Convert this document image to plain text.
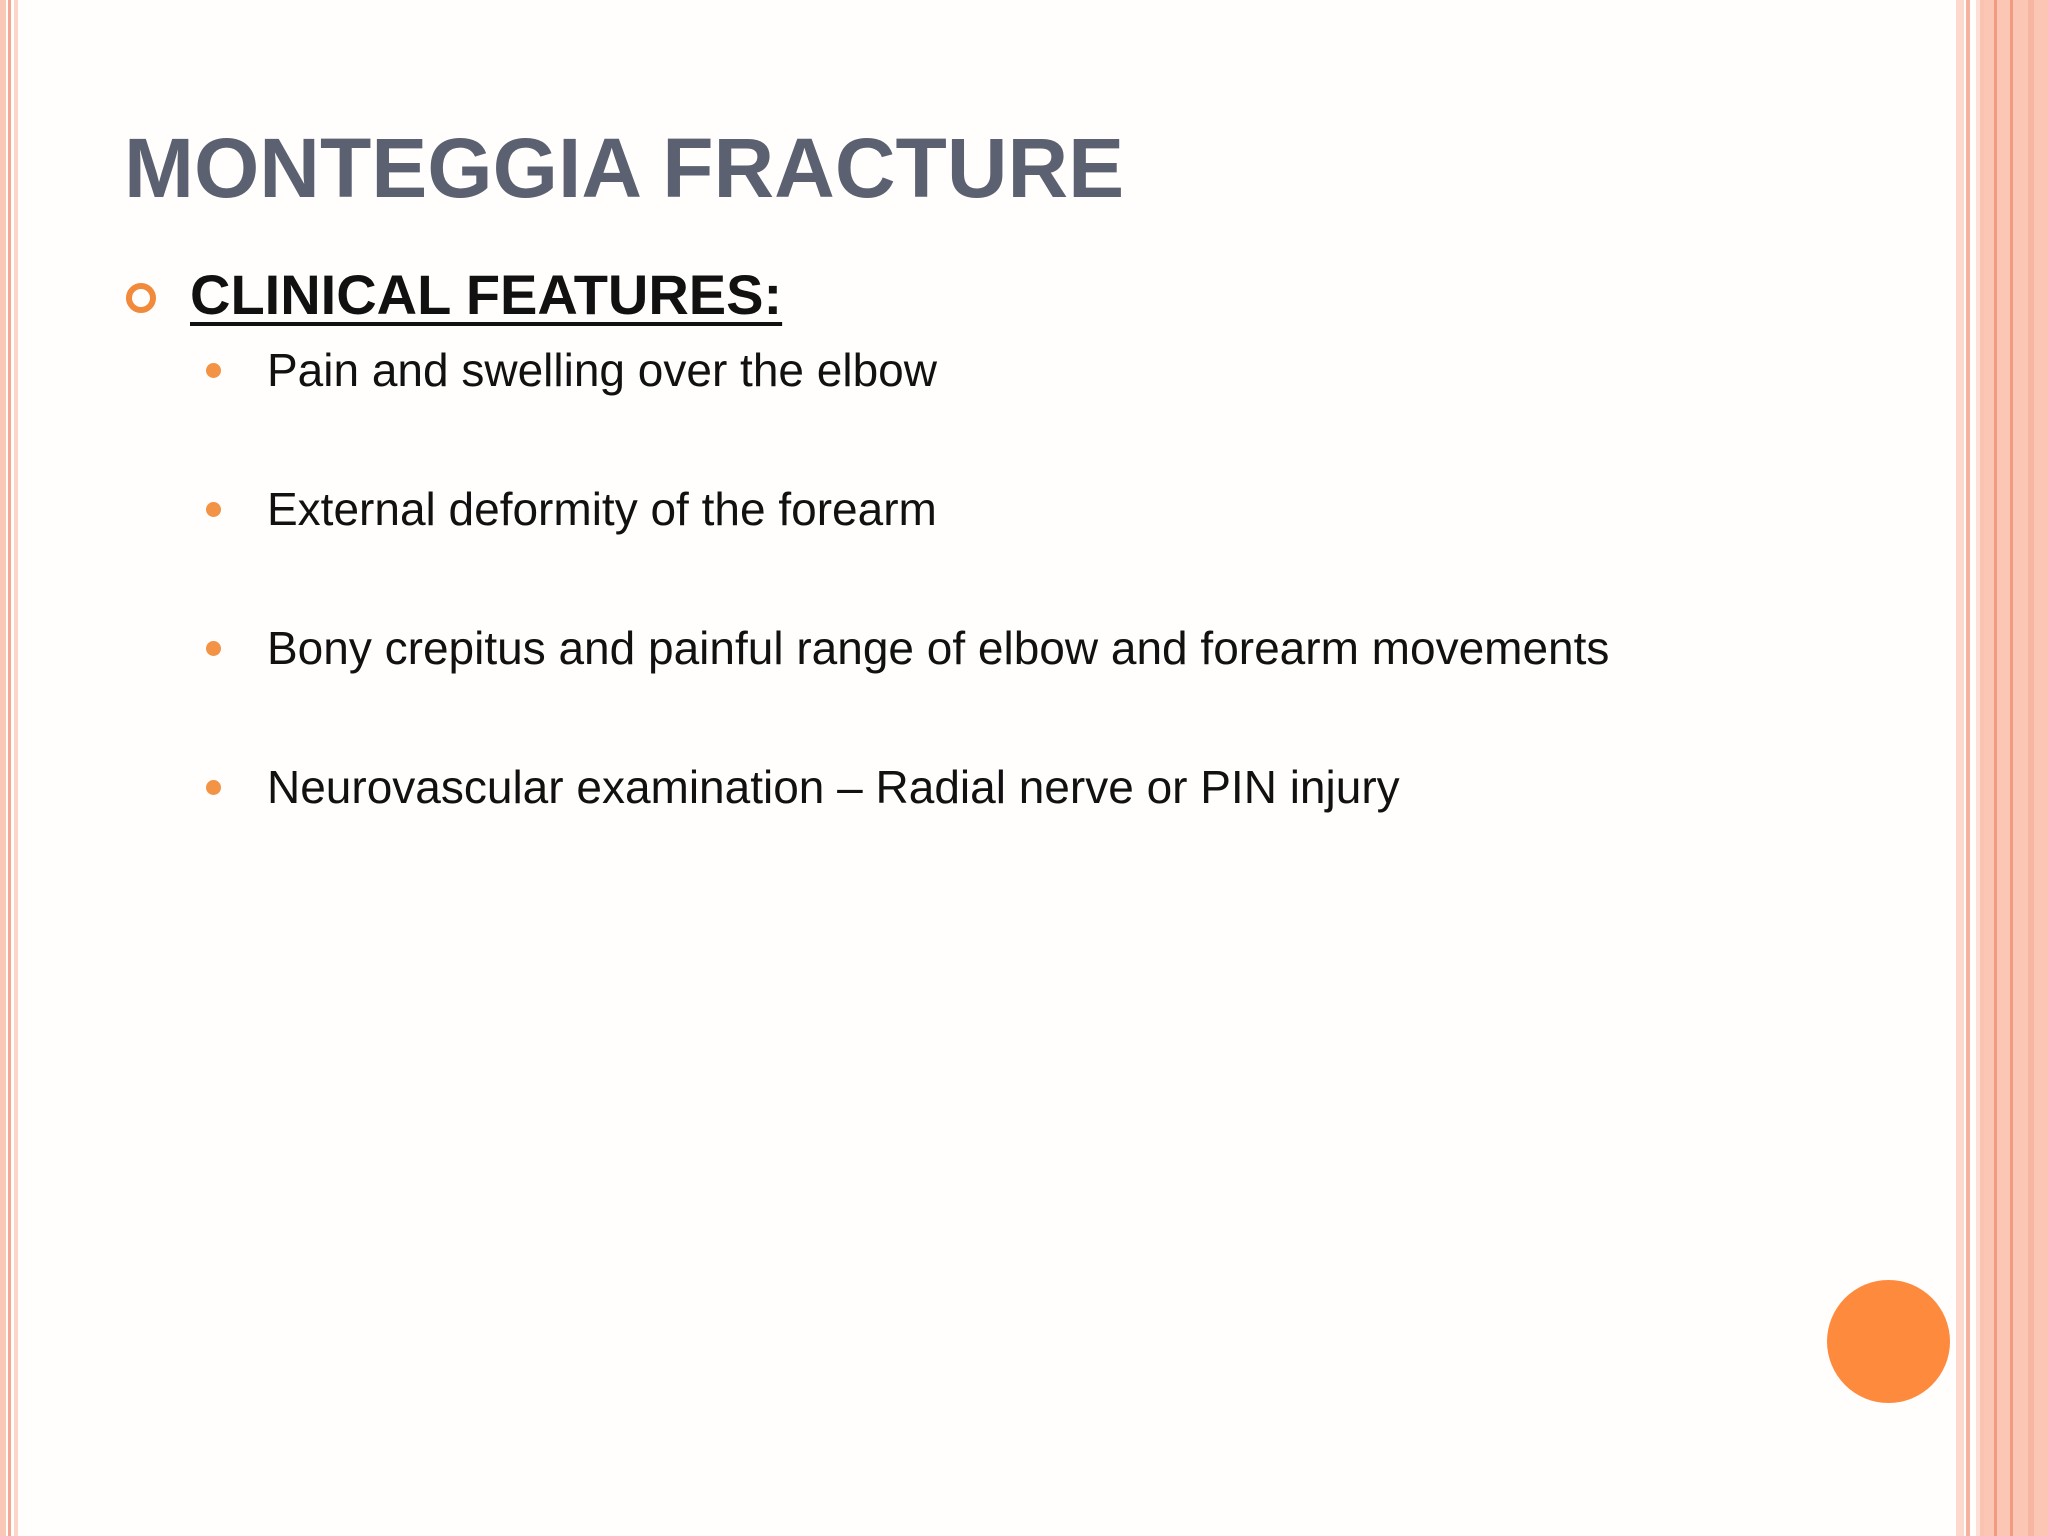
MONTEGGIA FRACTURE
CLINICAL FEATURES:
Pain and swelling over the elbow
External deformity of the forearm
Bony crepitus and painful range of elbow and forearm movements
Neurovascular examination – Radial nerve or PIN injury
